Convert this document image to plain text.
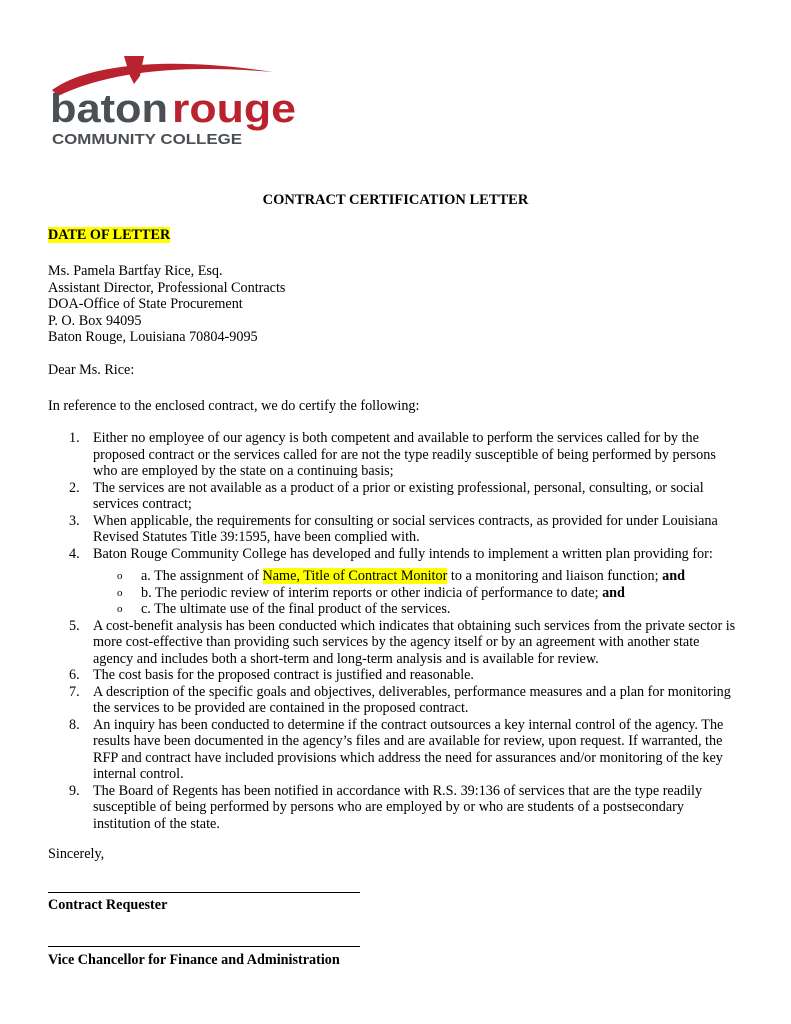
baton rouge
COMMUNITY COLLEGE
CONTRACT CERTIFICATION LETTER
DATE OF LETTER
Ms. Pamela Bartfay Rice, Esq.
Assistant Director, Professional Contracts
DOA-Office of State Procurement
P. O. Box 94095
Baton Rouge, Louisiana 70804-9095
Dear Ms. Rice:
In reference to the enclosed contract, we do certify the following:
1. Either no employee of our agency is both competent and available to perform the services called for by the proposed contract or the services called for are not the type readily susceptible of being performed by persons who are employed by the state on a continuing basis;
2. The services are not available as a product of a prior or existing professional, personal, consulting, or social services contract;
3. When applicable, the requirements for consulting or social services contracts, as provided for under Louisiana Revised Statutes Title 39:1595, have been complied with.
4. Baton Rouge Community College has developed and fully intends to implement a written plan providing for:
o a. The assignment of Name, Title of Contract Monitor to a monitoring and liaison function; and
o b. The periodic review of interim reports or other indicia of performance to date; and
o c. The ultimate use of the final product of the services.
5. A cost-benefit analysis has been conducted which indicates that obtaining such services from the private sector is more cost-effective than providing such services by the agency itself or by an agreement with another state agency and includes both a short-term and long-term analysis and is available for review.
6. The cost basis for the proposed contract is justified and reasonable.
7. A description of the specific goals and objectives, deliverables, performance measures and a plan for monitoring the services to be provided are contained in the proposed contract.
8. An inquiry has been conducted to determine if the contract outsources a key internal control of the agency. The results have been documented in the agency’s files and are available for review, upon request. If warranted, the RFP and contract have included provisions which address the need for assurances and/or monitoring of the key internal control.
9. The Board of Regents has been notified in accordance with R.S. 39:136 of services that are the type readily susceptible of being performed by persons who are employed by or who are students of a postsecondary institution of the state.
Sincerely,
Contract Requester
Vice Chancellor for Finance and Administration
